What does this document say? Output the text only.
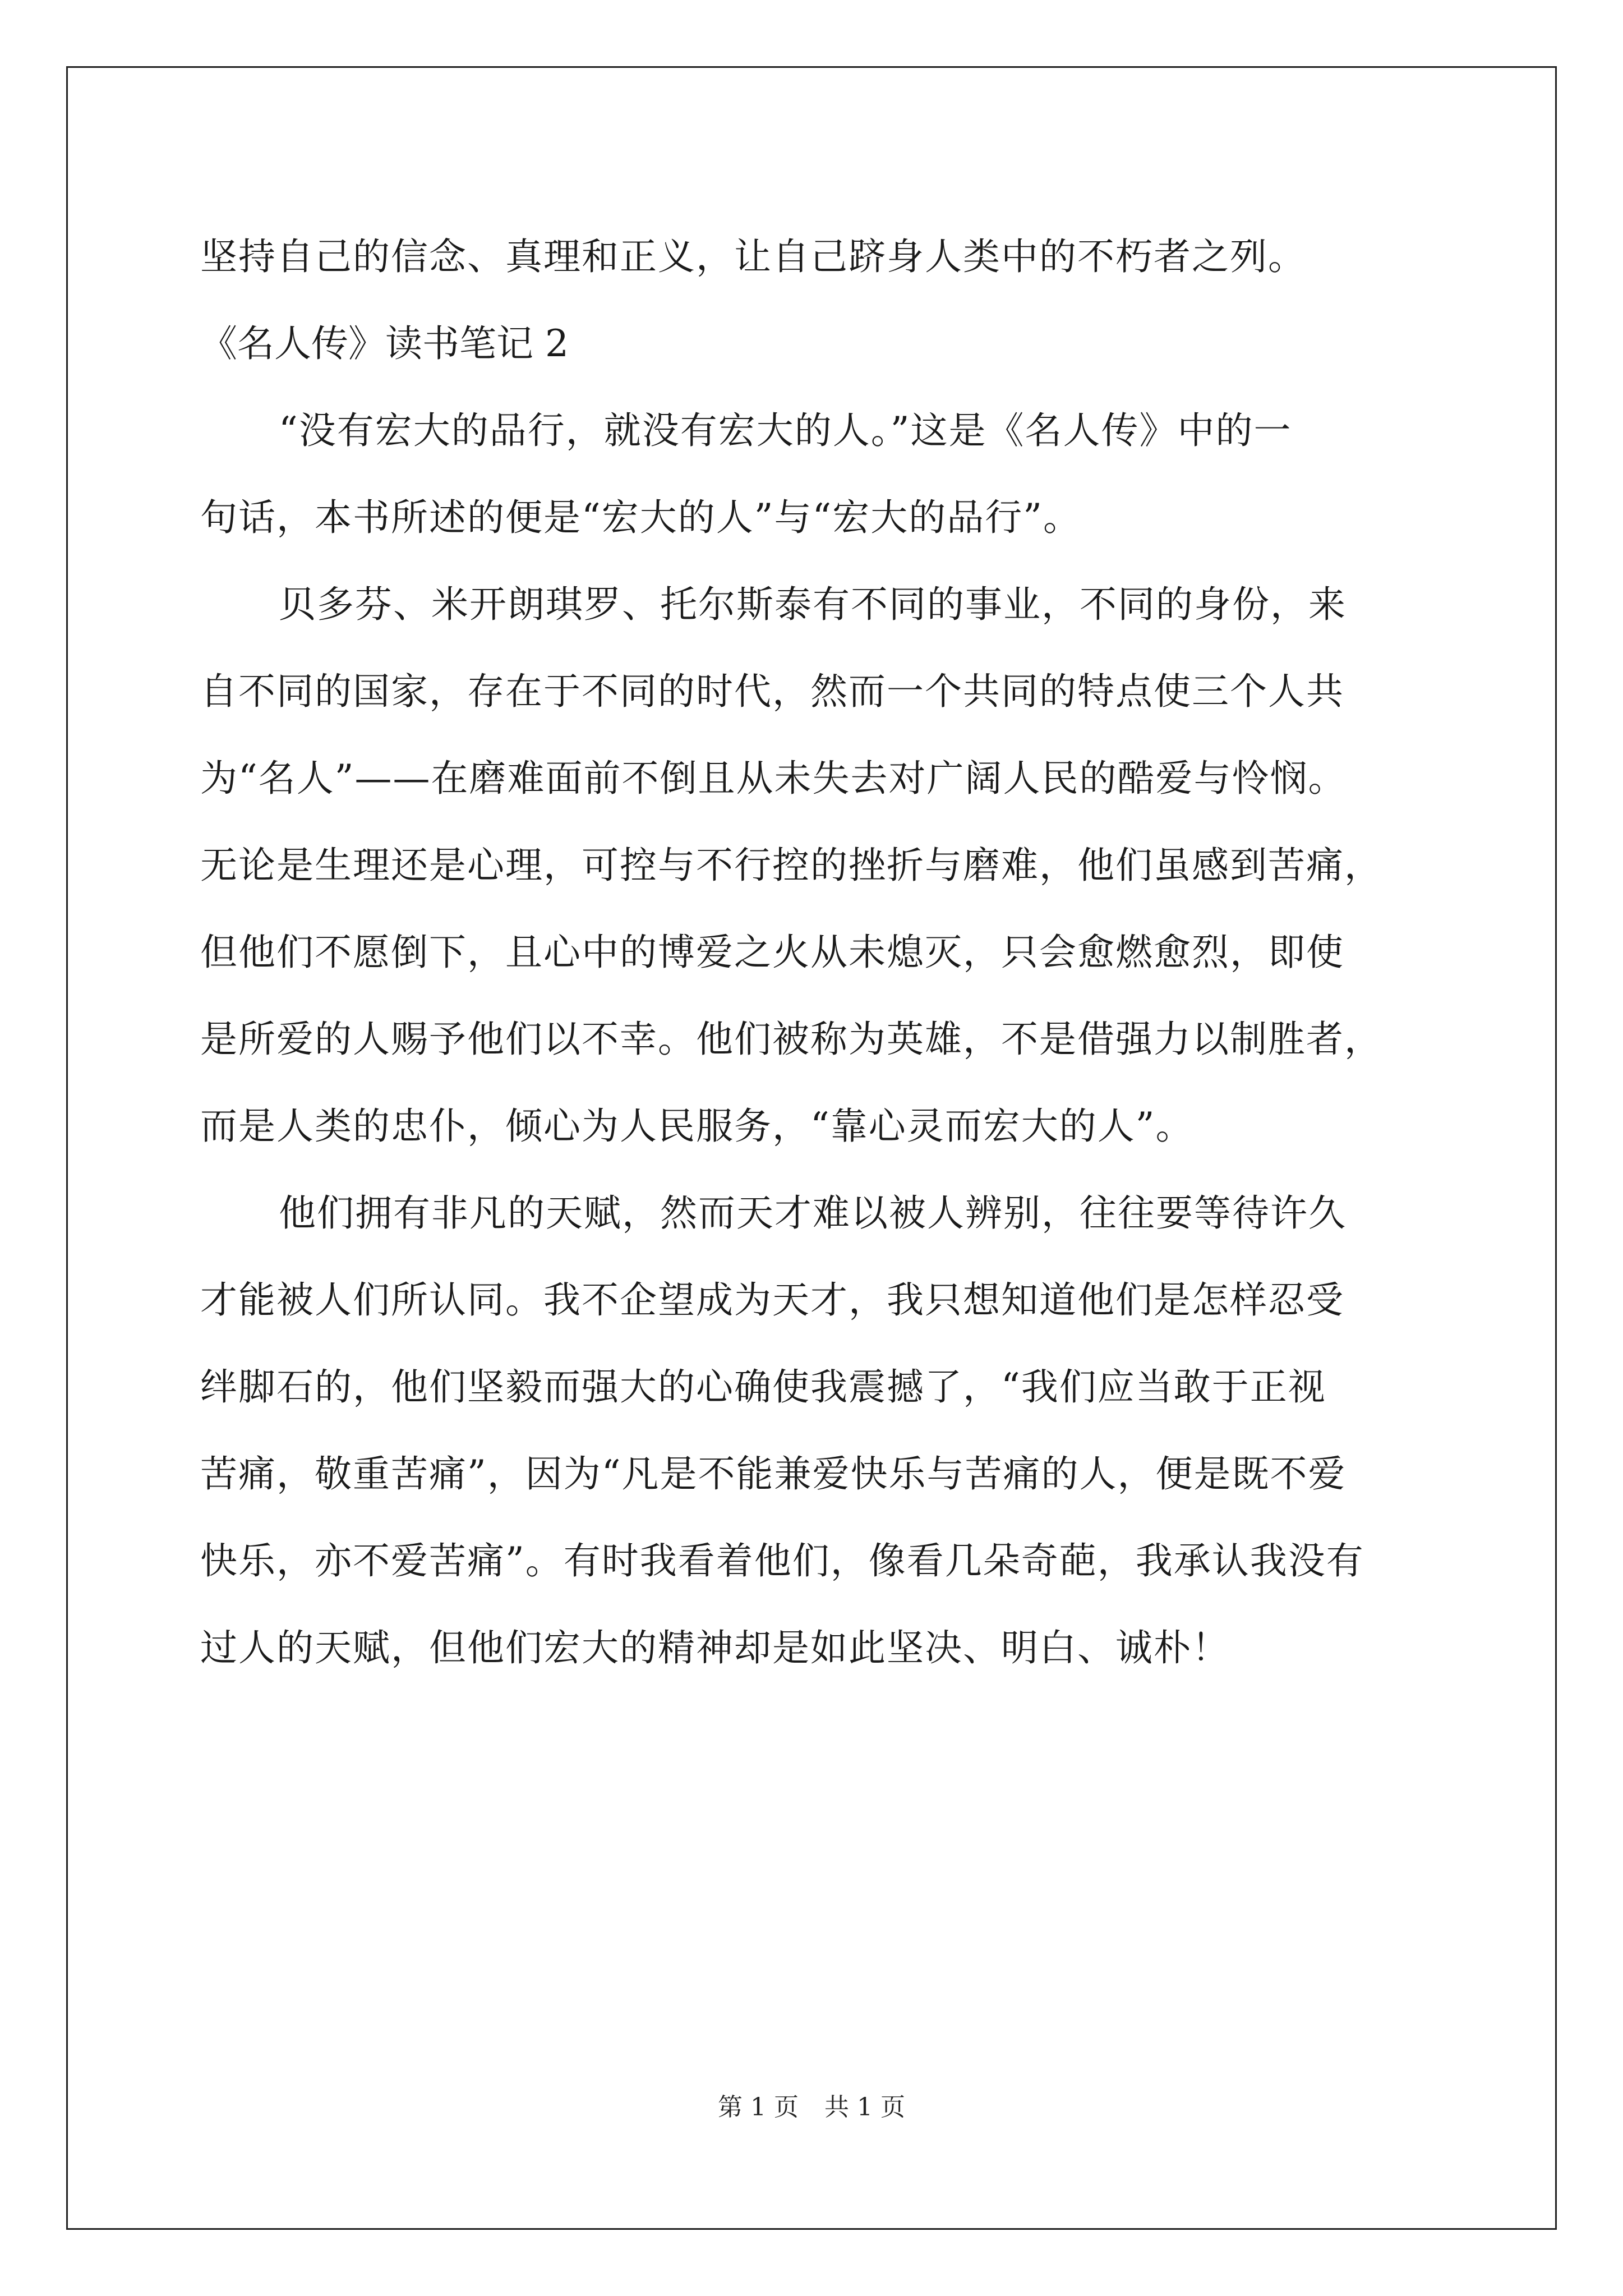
坚持自己的信念、真理和正义，让自己跻身人类中的不朽者之列。
《名人传》读书笔记 2
“没有宏大的品行，就没有宏大的人。”这是《名人传》中的一
句话，本书所述的便是“宏大的人”与“宏大的品行”。
贝多芬、米开朗琪罗、托尔斯泰有不同的事业，不同的身份，来
自不同的国家，存在于不同的时代，然而一个共同的特点使三个人共
为“名人”——在磨难面前不倒且从未失去对广阔人民的酷爱与怜悯。
无论是生理还是心理，可控与不行控的挫折与磨难，他们虽感到苦痛，
但他们不愿倒下，且心中的博爱之火从未熄灭，只会愈燃愈烈，即使
是所爱的人赐予他们以不幸。他们被称为英雄，不是借强力以制胜者，
而是人类的忠仆，倾心为人民服务，“靠心灵而宏大的人”。
他们拥有非凡的天赋，然而天才难以被人辨别，往往要等待许久
才能被人们所认同。我不企望成为天才，我只想知道他们是怎样忍受
绊脚石的，他们坚毅而强大的心确使我震撼了，“我们应当敢于正视
苦痛，敬重苦痛”，因为“凡是不能兼爱快乐与苦痛的人，便是既不爱
快乐，亦不爱苦痛”。有时我看着他们，像看几朵奇葩，我承认我没有
过人的天赋，但他们宏大的精神却是如此坚决、明白、诚朴！
第 1 页 共 1 页
